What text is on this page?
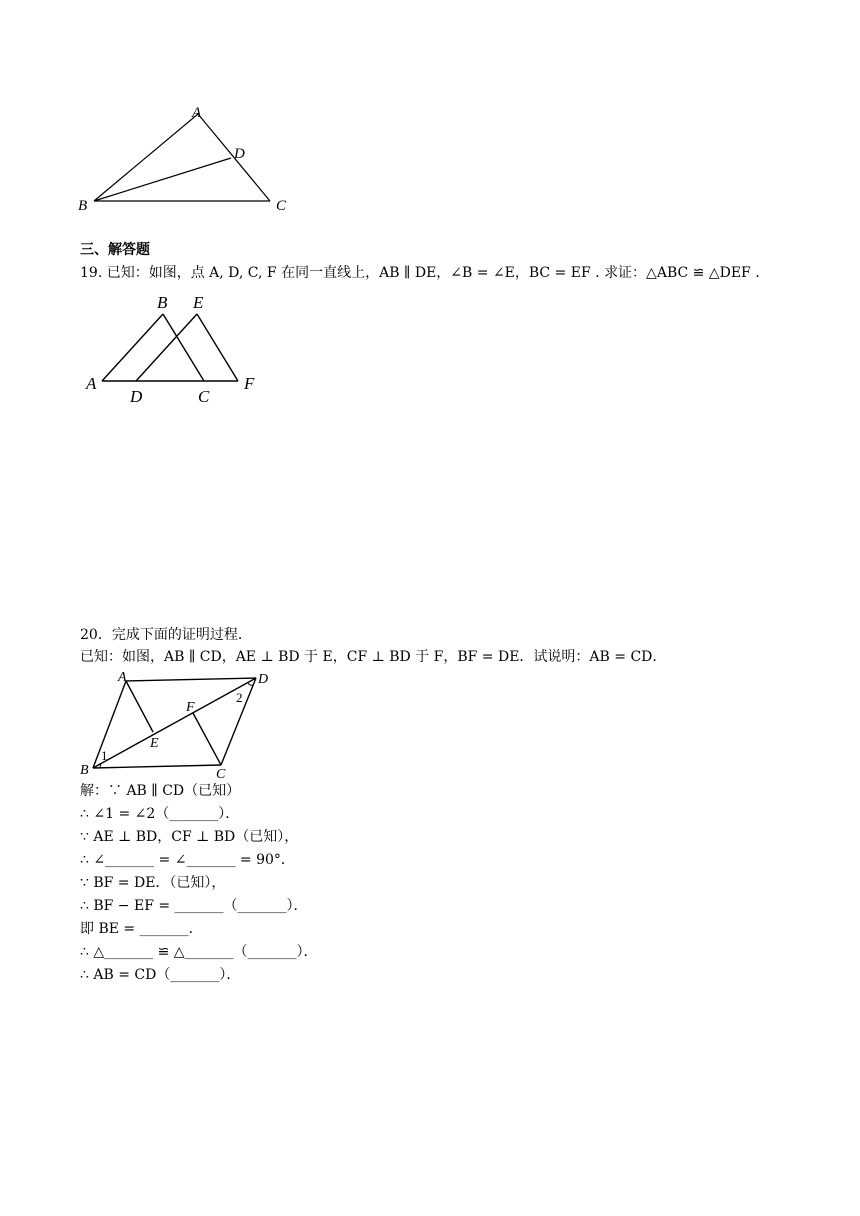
A
D
B	C
三、解答题
19. 已知：如图，点 A, D, C, F 在同一直线上，AB ∥ DE，∠B = ∠E，BC = EF . 求证：△ABC ≌ △DEF .
B E
A	F
D	C
20．完成下面的证明过程．
已知：如图，AB ∥ CD，AE ⊥ BD 于 E，CF ⊥ BD 于 F，BF = DE．试说明：AB = CD．
A	D
F
E
B	C
1
2
解：∵ AB ∥ CD（已知）
∴ ∠1 = ∠2（_______）．
∵ AE ⊥ BD，CF ⊥ BD（已知），
∴ ∠_______ = ∠_______ = 90°．
∵ BF = DE．（已知），
∴ BF − EF = _______（_______）．
即 BE = _______．
∴ △_______ ≌ △_______（_______）．
∴ AB = CD（_______）．
